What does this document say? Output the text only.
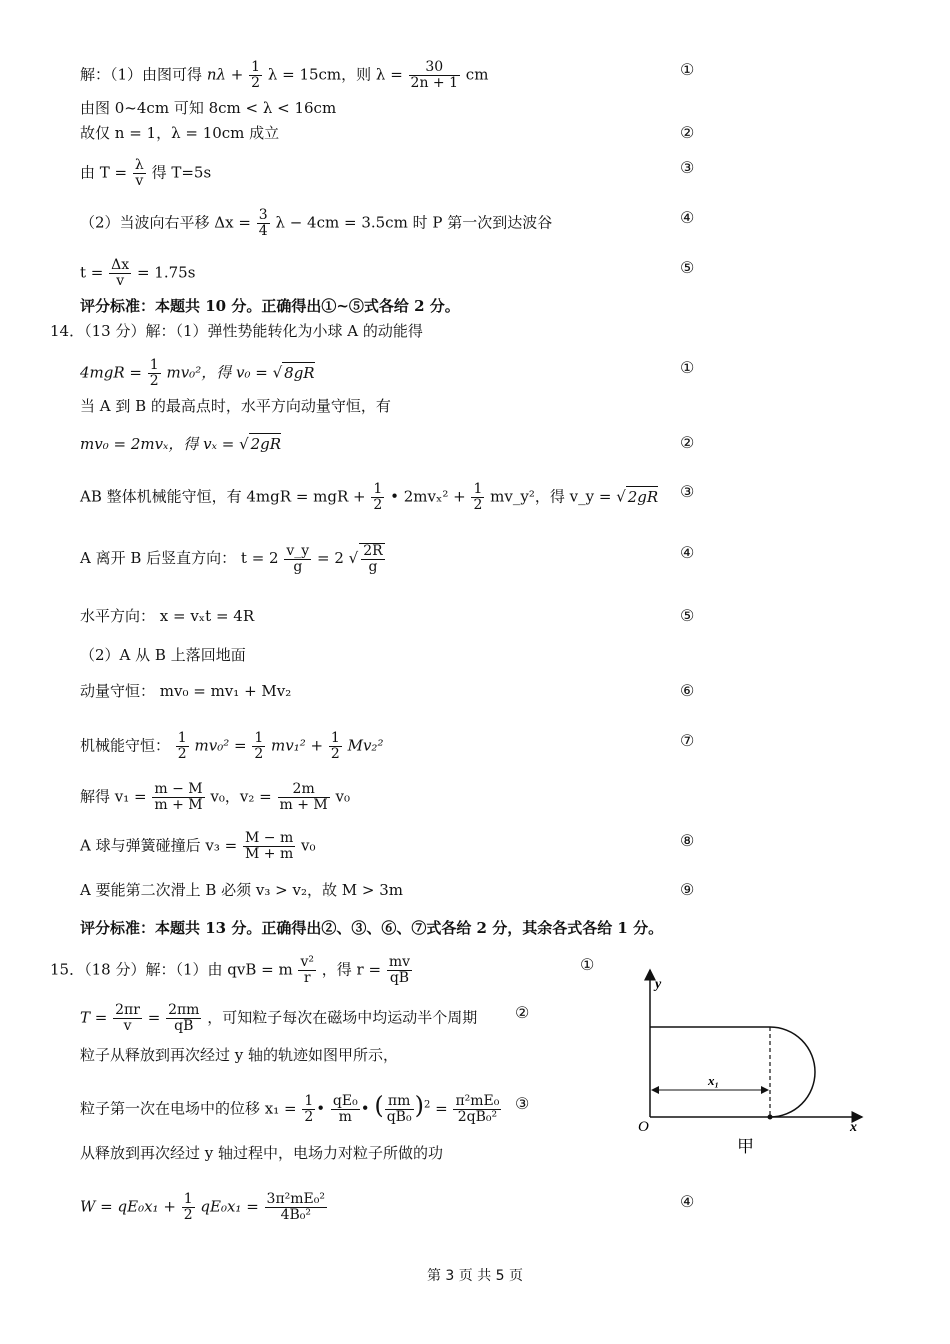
解：（1）由图可得 $n\lambda + \frac{1}{2}$ λ = 15cm，则 $\lambda = \frac{30}{2n + 1}$ cm	①
由图 0~4cm 可知 8cm < λ < 16cm
故仅 n = 1，λ = 10cm 成立	②
由 $T = \frac{\lambda}{v}$ 得 T=5s	③
（2）当波向右平移 $\Delta x = \frac{3}{4}$ λ − 4cm = 3.5cm 时 P 第一次到达波谷	④
$t = \frac{\Delta x}{v} = 1.75s$	⑤
评分标准：本题共 10 分。正确得出①~⑤式各给 2 分。
14．（13 分）解：（1）弹性势能转化为小球 A 的动能得
$4mgR = \frac{1}{2} mv_0^2$，得 v₀ = √ 8gR	①
当 A 到 B 的最高点时，水平方向动量守恒，有
mv₀ = 2mvₓ，得 vₓ = √ 2gR	②
AB 整体机械能守恒，有 4mgR = mgR + $\frac{1}{2}$ • $2mv_x^2 + \frac{1}{2}$ mv_y²，得 v_y = √ 2gR ③
A 离开 B 后竖直方向： $t = 2 \frac{v\_y}{g} = 2$ √ $\frac{2R}{g}$	④
水平方向： x = vₓt = 4R	⑤
（2）A 从 B 上落回地面
动量守恒： mv₀ = mv₁ + Mv₂	⑥
机械能守恒： $\frac{1}{2} mv_0^2 = \frac{1}{2} mv_1^2 + \frac{1}{2} Mv_2^2$	⑦
解得 $v_1 = \frac{m - M}{m + M} v_0$，$v_2 = \frac{2m}{m + M} v_0$
A 球与弹簧碰撞后 $v_3 = \frac{M - m}{M + m} v_0$	⑧
A 要能第二次滑上 B 必须 v₃ > v₂，故 M > 3m	⑨
评分标准：本题共 13 分。正确得出②、③、⑥、⑦式各给 2 分，其余各式各给 1 分。
15．（18 分）解：（1）由 qvB = m $\frac{\text{v²}}{r}$ ，得 $r = \frac{mv}{qB}$	①
$T = \frac{2\pi r}{v} = \frac{2\pi m}{qB}$ ，可知粒子每次在磁场中均运动半个周期 ②
粒子从释放到再次经过 y 轴的轨迹如图甲所示，
粒子第一次在电场中的位移 $x_1 = \frac{1}{2}$ • $\frac{\text{qE₀}}{m}$ • ( $\frac{\pi m}{\text{qB₀}} )^2 = \frac{\text{π²mE₀}}{\text{2qB₀²}}$ ③
从释放到再次经过 y 轴过程中，电场力对粒子所做的功
$W = qE_0x_1 + \frac{1}{2} qE_0x_1 = \frac{\text{3π²mE₀²}}{\text{4B₀²}}$	④
y
x
O
x₁
甲
第 3 页 共 5 页
